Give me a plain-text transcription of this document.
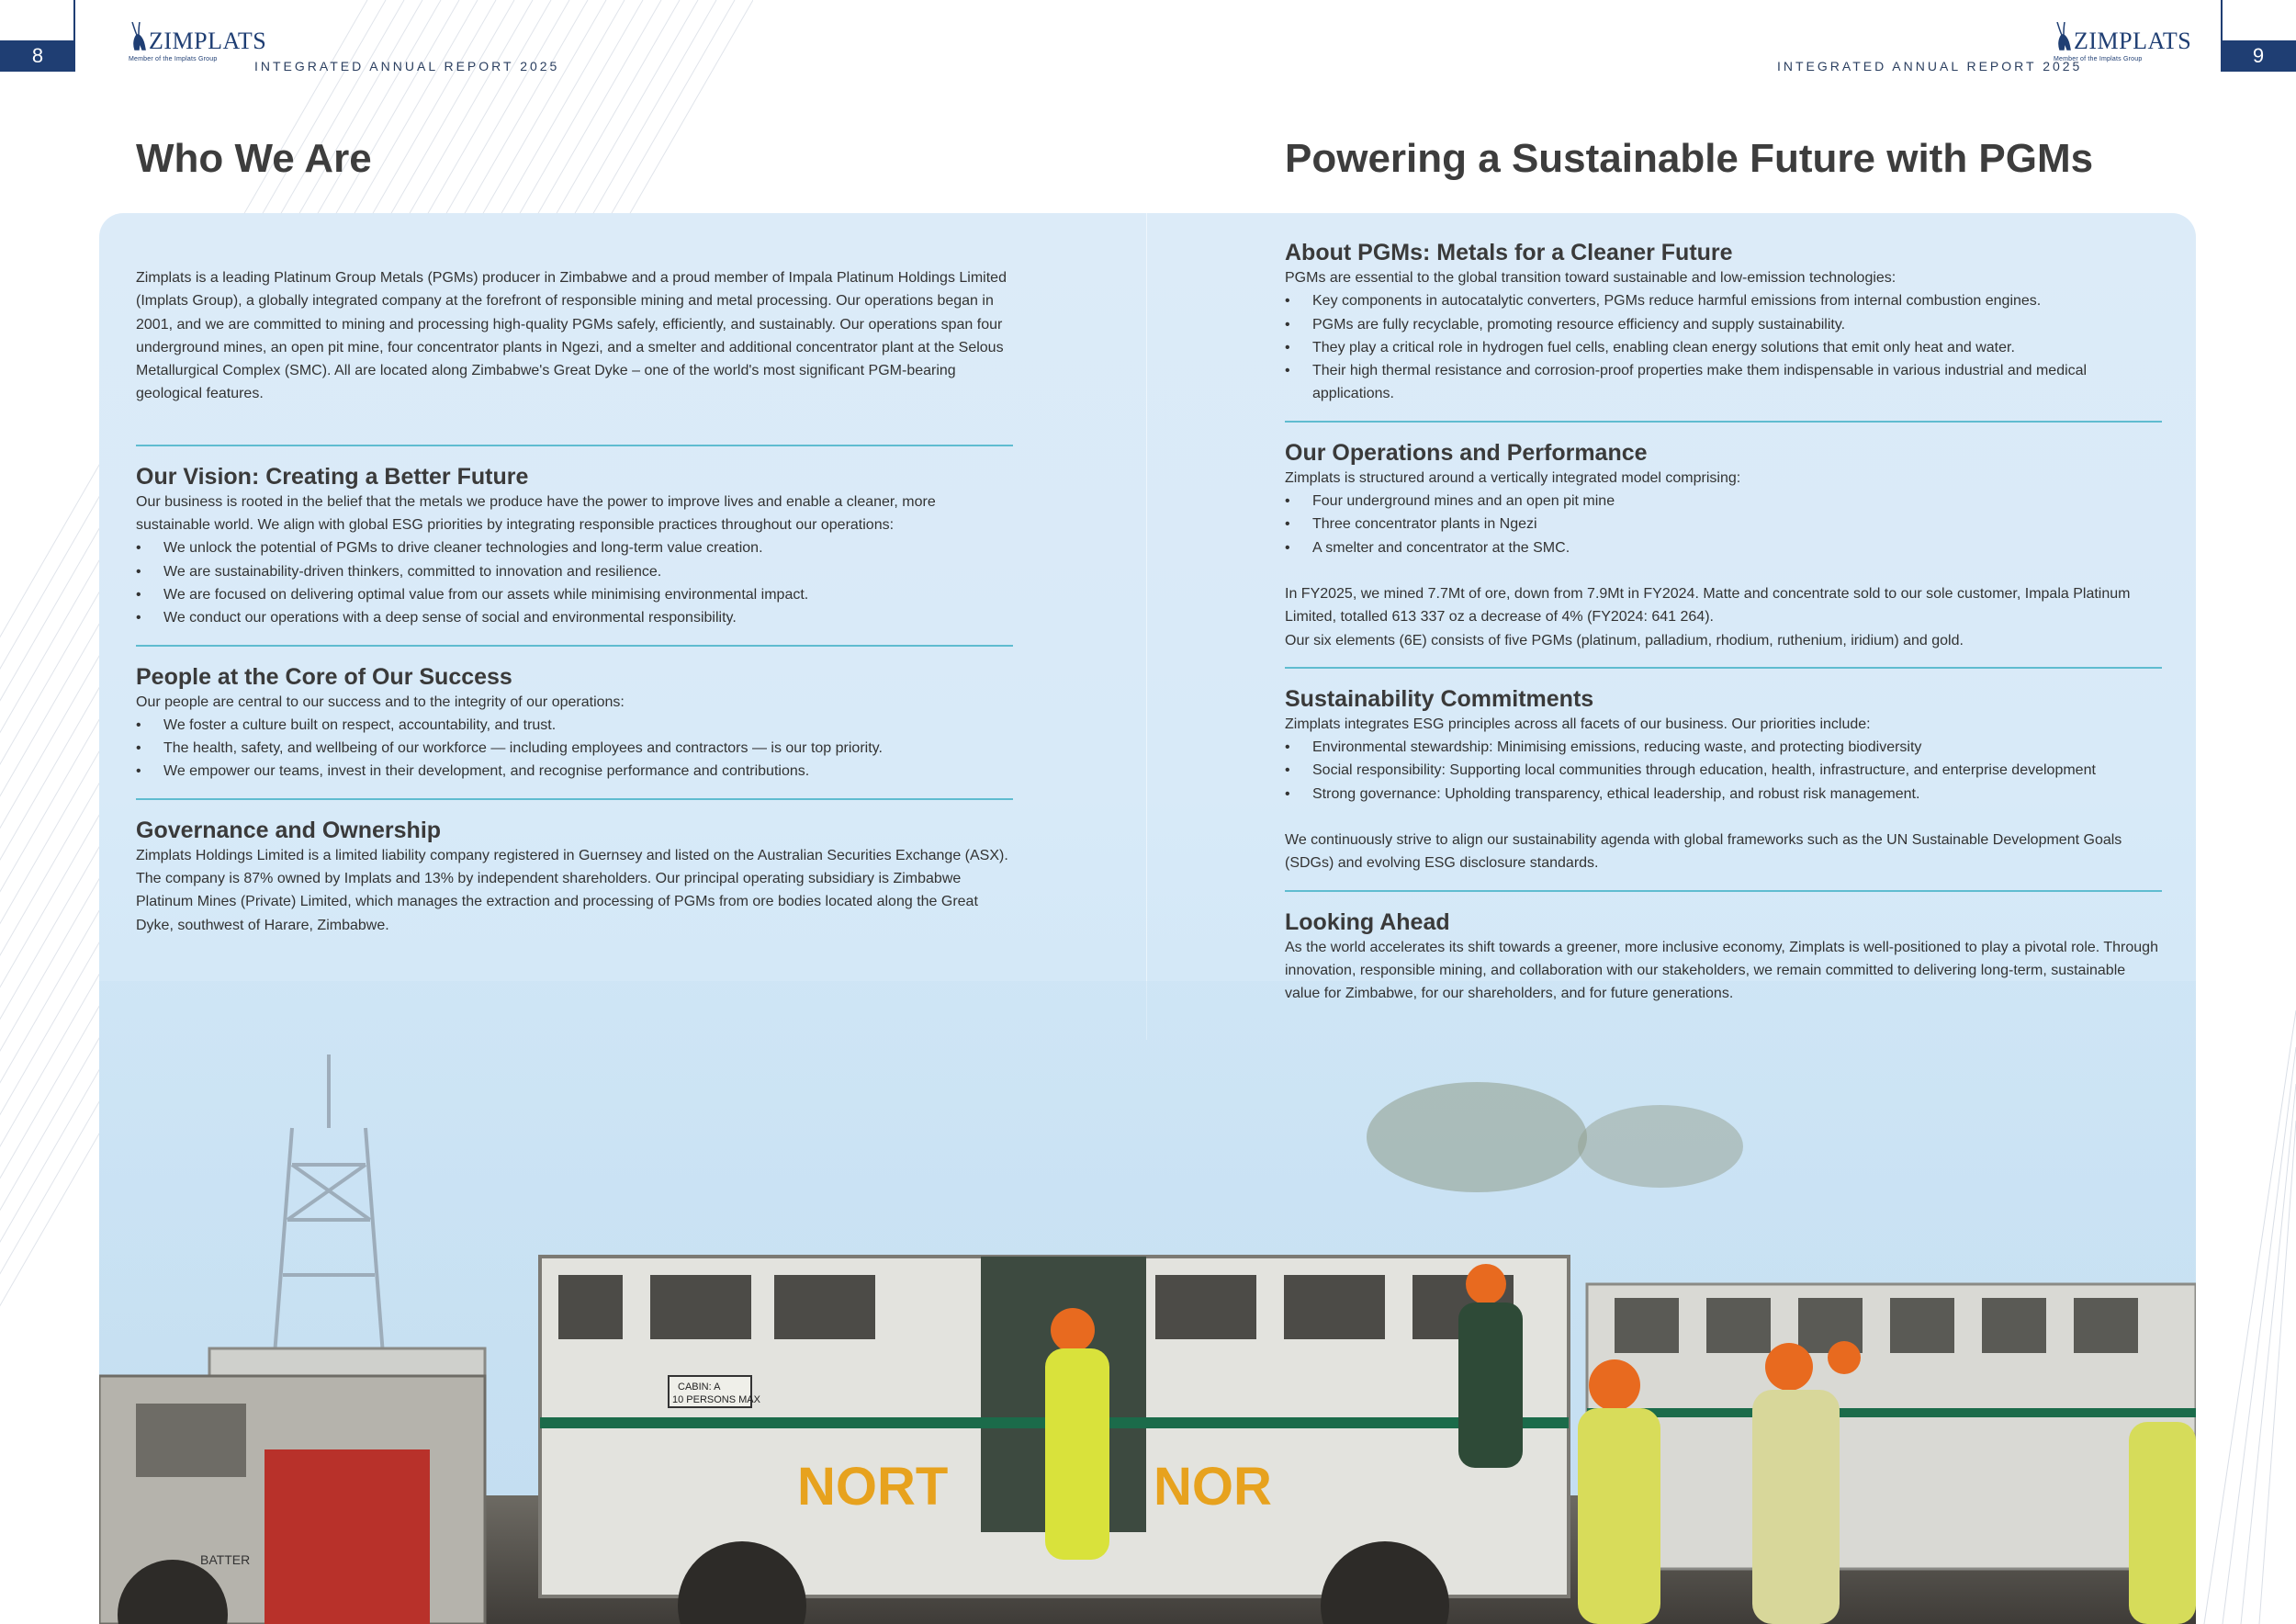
8	9
ZIMPLATS
Member of the Implats Group
ZIMPLATS
Member of the Implats Group
INTEGRATED ANNUAL REPORT 2025	INTEGRATED ANNUAL REPORT 2025
Who We Are	Powering a Sustainable Future with PGMs
BATTER
CABIN: A
10 PERSONS MAX
NORT	NOR

Zimplats is a leading Platinum Group Metals (PGMs) producer in Zimbabwe and a proud member of Impala Platinum Holdings Limited (Implats Group), a globally integrated company at the forefront of responsible mining and metal processing. Our operations began in 2001, and we are committed to mining and processing high-quality PGMs safely, efficiently, and sustainably. Our operations span four underground mines, an open pit mine, four concentrator plants in Ngezi, and a smelter and additional concentrator plant at the Selous Metallurgical Complex (SMC). All are located along Zimbabwe's Great Dyke – one of the world's most significant PGM-bearing geological features.

Our Vision: Creating a Better Future

Our business is rooted in the belief that the metals we produce have the power to improve lives and enable a cleaner, more sustainable world. We align with global ESG priorities by integrating responsible practices throughout our operations:

• We unlock the potential of PGMs to drive cleaner technologies and long-term value creation.
• We are sustainability-driven thinkers, committed to innovation and resilience.
• We are focused on delivering optimal value from our assets while minimising environmental impact.
• We conduct our operations with a deep sense of social and environmental responsibility.
People at the Core of Our Success

Our people are central to our success and to the integrity of our operations:

• We foster a culture built on respect, accountability, and trust.
• The health, safety, and wellbeing of our workforce — including employees and contractors — is our top priority.
• We empower our teams, invest in their development, and recognise performance and contributions.
Governance and Ownership

Zimplats Holdings Limited is a limited liability company registered in Guernsey and listed on the Australian Securities Exchange (ASX). The company is 87% owned by Implats and 13% by independent shareholders. Our principal operating subsidiary is Zimbabwe Platinum Mines (Private) Limited, which manages the extraction and processing of PGMs from ore bodies located along the Great Dyke, southwest of Harare, Zimbabwe.

About PGMs: Metals for a Cleaner Future

PGMs are essential to the global transition toward sustainable and low-emission technologies:

• Key components in autocatalytic converters, PGMs reduce harmful emissions from internal combustion engines.
• PGMs are fully recyclable, promoting resource efficiency and supply sustainability.
• They play a critical role in hydrogen fuel cells, enabling clean energy solutions that emit only heat and water.
• Their high thermal resistance and corrosion-proof properties make them indispensable in various industrial and medical applications.
Our Operations and Performance

Zimplats is structured around a vertically integrated model comprising:

• Four underground mines and an open pit mine
• Three concentrator plants in Ngezi
• A smelter and concentrator at the SMC.

In FY2025, we mined 7.7Mt of ore, down from 7.9Mt in FY2024. Matte and concentrate sold to our sole customer, Impala Platinum Limited, totalled 613 337 oz a decrease of 4% (FY2024: 641 264).

Our six elements (6E) consists of five PGMs (platinum, palladium, rhodium, ruthenium, iridium) and gold.

Sustainability Commitments

Zimplats integrates ESG principles across all facets of our business. Our priorities include:

• Environmental stewardship: Minimising emissions, reducing waste, and protecting biodiversity
• Social responsibility: Supporting local communities through education, health, infrastructure, and enterprise development
• Strong governance: Upholding transparency, ethical leadership, and robust risk management.

We continuously strive to align our sustainability agenda with global frameworks such as the UN Sustainable Development Goals (SDGs) and evolving ESG disclosure standards.

Looking Ahead

As the world accelerates its shift towards a greener, more inclusive economy, Zimplats is well-positioned to play a pivotal role. Through innovation, responsible mining, and collaboration with our stakeholders, we remain committed to delivering long-term, sustainable value for Zimbabwe, for our shareholders, and for future generations.
